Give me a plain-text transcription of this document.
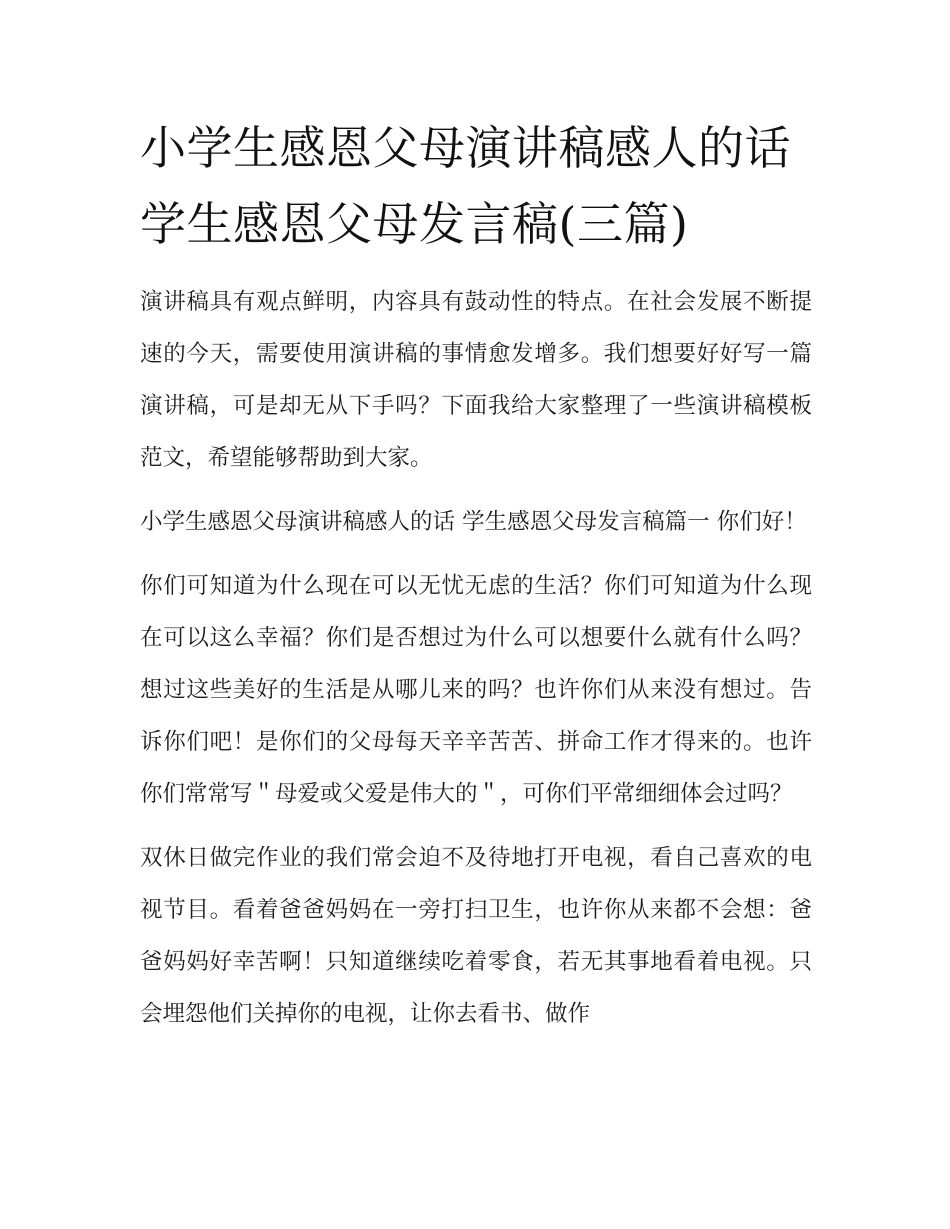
小学生感恩父母演讲稿感人的话 学生感恩父母发言稿(三篇)

演讲稿具有观点鲜明，内容具有鼓动性的特点。在社会发展不断提速的今天，需要使用演讲稿的事情愈发增多。我们想要好好写一篇演讲稿，可是却无从下手吗？下面我给大家整理了一些演讲稿模板范文，希望能够帮助到大家。

小学生感恩父母演讲稿感人的话 学生感恩父母发言稿篇一 你们好！

你们可知道为什么现在可以无忧无虑的生活？你们可知道为什么现在可以这么幸福？你们是否想过为什么可以想要什么就有什么吗？想过这些美好的生活是从哪儿来的吗？也许你们从来没有想过。告诉你们吧！是你们的父母每天辛辛苦苦、拼命工作才得来的。也许你们常常写＂母爱或父爱是伟大的＂，可你们平常细细体会过吗？

双休日做完作业的我们常会迫不及待地打开电视，看自己喜欢的电视节目。看着爸爸妈妈在一旁打扫卫生，也许你从来都不会想：爸爸妈妈好幸苦啊！只知道继续吃着零食，若无其事地看着电视。只会埋怨他们关掉你的电视，让你去看书、做作
